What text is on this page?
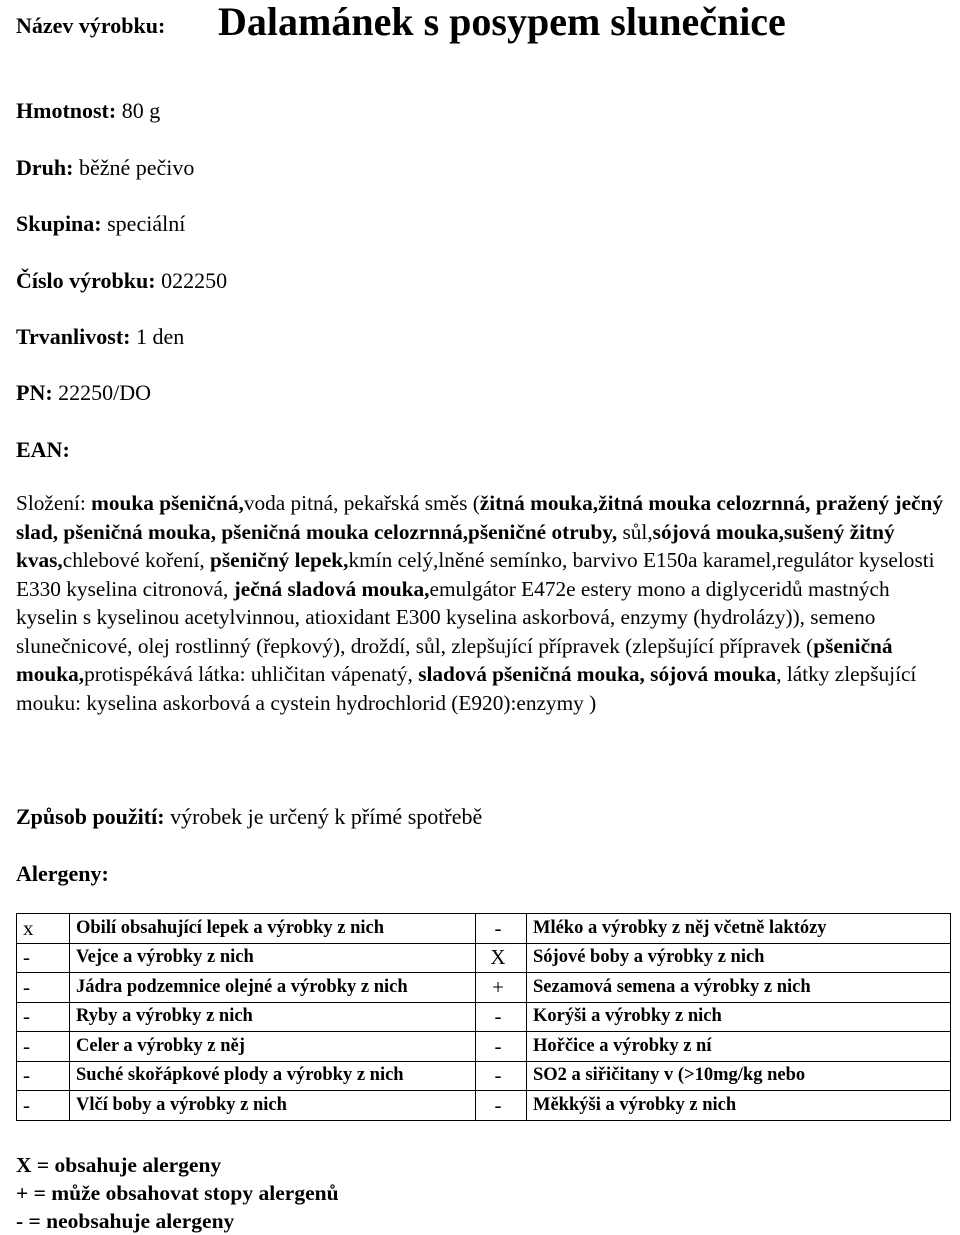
Název výrobku: Dalamánek s posypem slunečnice
Hmotnost: 80 g
Druh: běžné pečivo
Skupina: speciální
Číslo výrobku: 022250
Trvanlivost: 1 den
PN: 22250/DO
EAN:
Složení: mouka pšeničná,voda pitná, pekařská směs (žitná mouka,žitná mouka celozrnná, pražený ječný slad, pšeničná mouka, pšeničná mouka celozrnná,pšeničné otruby, sůl,sójová mouka,sušený žitný kvas,chlebové koření, pšeničný lepek,kmín celý,lněné semínko, barvivo E150a karamel,regulátor kyselosti E330 kyselina citronová, ječná sladová mouka,emulgátor E472e estery mono a diglyceridů mastných kyselin s kyselinou acetylvinnou, atioxidant E300 kyselina askorbová, enzymy (hydrolázy)), semeno slunečnicové, olej rostlinný (řepkový), droždí, sůl, zlepšující přípravek (zlepšující přípravek (pšeničná mouka,protispékává látka: uhličitan vápenatý, sladová pšeničná mouka, sójová mouka, látky zlepšující mouku: kyselina askorbová a cystein hydrochlorid (E920):enzymy )
Způsob použití: výrobek je určený k přímé spotřebě
Alergeny:
x	Obilí obsahující lepek a výrobky z nich	-	Mléko a výrobky z něj včetně laktózy
-	Vejce a výrobky z nich	X	Sójové boby a výrobky z nich
-	Jádra podzemnice olejné a výrobky z nich	+	Sezamová semena a výrobky z nich
-	Ryby a výrobky z nich	-	Korýši a výrobky z nich
-	Celer a výrobky z něj	-	Hořčice a výrobky z ní
-	Suché skořápkové plody a výrobky z nich	-	SO2 a siřičitany v (>10mg/kg nebo
-	Vlčí boby a výrobky z nich	-	Měkkýši a výrobky z nich
X = obsahuje alergeny
+ = může obsahovat stopy alergenů
- = neobsahuje alergeny
